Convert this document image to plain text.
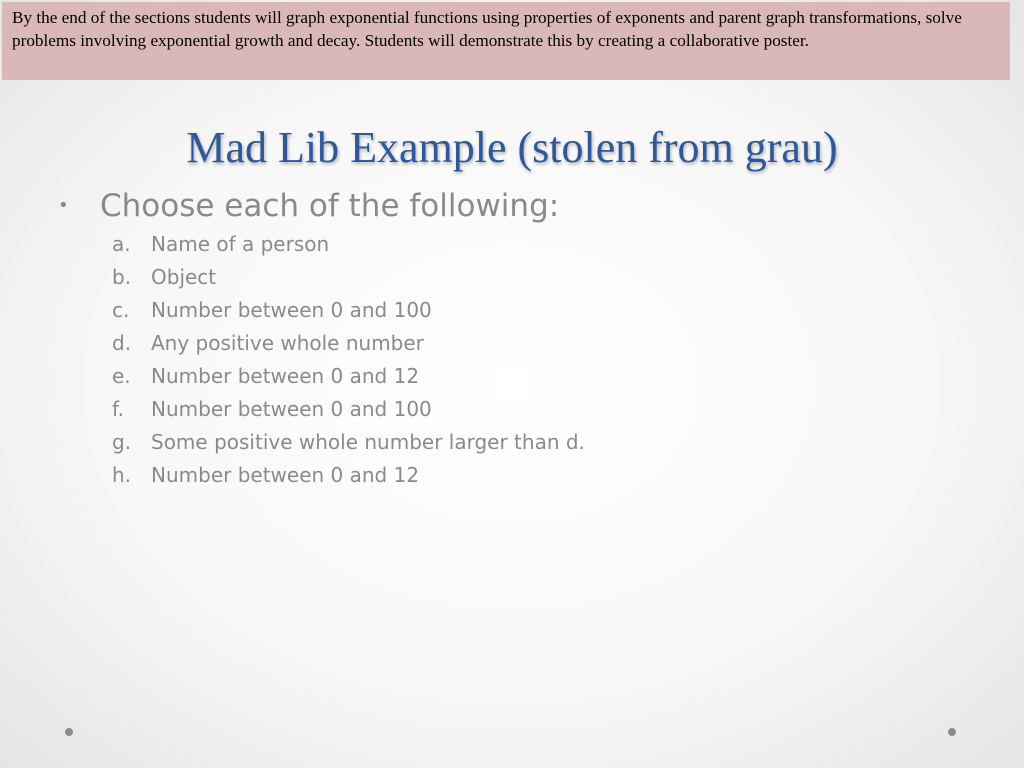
By the end of the sections students will graph exponential functions using properties of exponents and parent graph transformations, solve problems involving exponential growth and decay. Students will demonstrate this by creating a collaborative poster.
Mad Lib Example (stolen from grau)
• Choose each of the following:
a. Name of a person
b. Object
c. Number between 0 and 100
d. Any positive whole number
e. Number between 0 and 12
f. Number between 0 and 100
g. Some positive whole number larger than d.
h. Number between 0 and 12
